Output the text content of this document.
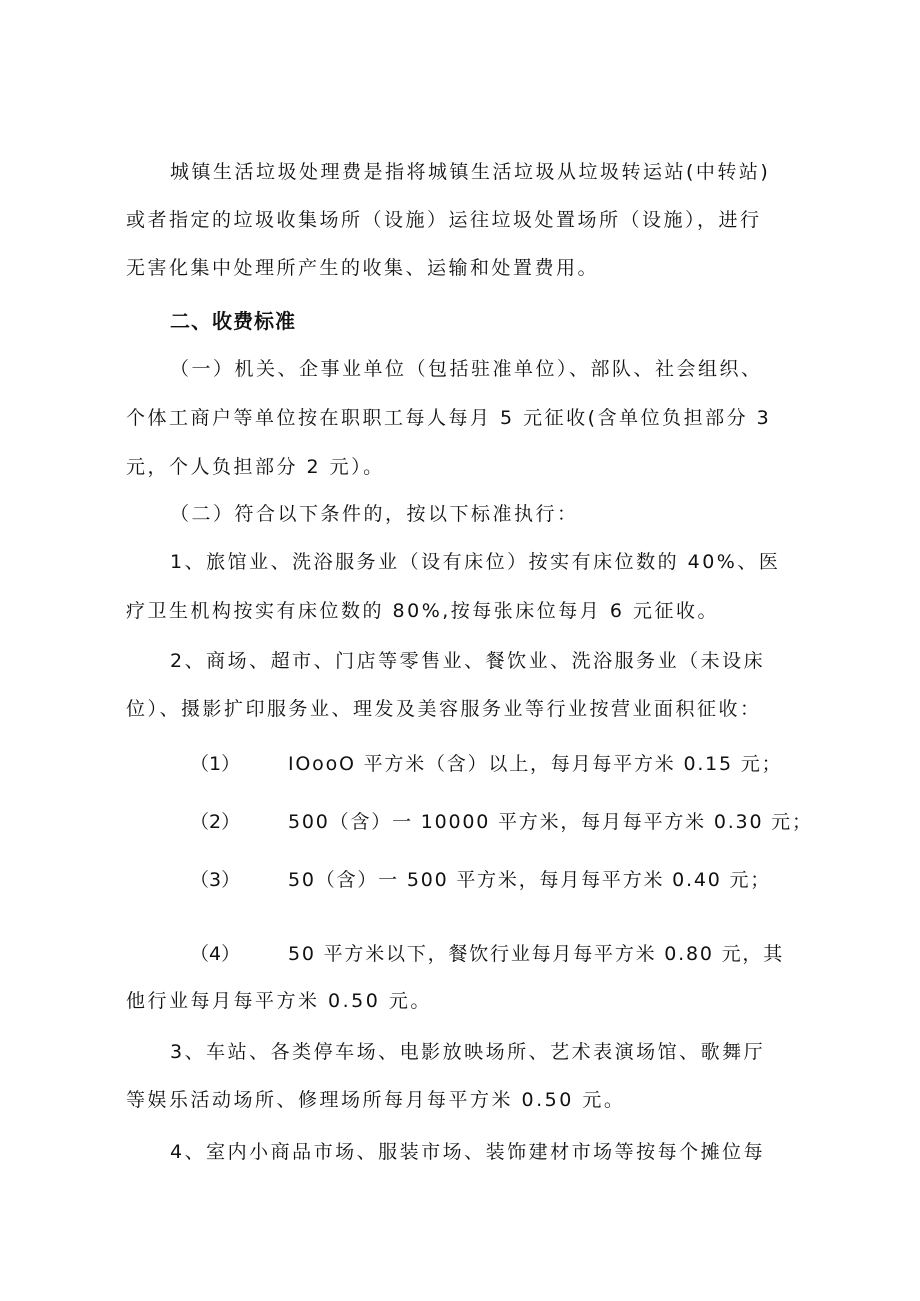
城镇生活垃圾处理费是指将城镇生活垃圾从垃圾转运站(中转站)
或者指定的垃圾收集场所（设施）运往垃圾处置场所（设施），进行
无害化集中处理所产生的收集、运输和处置费用。
二、收费标准
（一）机关、企事业单位（包括驻准单位）、部队、社会组织、
个体工商户等单位按在职职工每人每月 5 元征收(含单位负担部分 3
元，个人负担部分 2 元）。
（二）符合以下条件的，按以下标准执行：
1、旅馆业、洗浴服务业（设有床位）按实有床位数的 40%、医
疗卫生机构按实有床位数的 80%,按每张床位每月 6 元征收。
2、商场、超市、门店等零售业、餐饮业、洗浴服务业（未设床
位）、摄影扩印服务业、理发及美容服务业等行业按营业面积征收：
（1）	IOooO 平方米（含）以上，每月每平方米 0.15 元；
（2）	500（含）一 10000 平方米，每月每平方米 0.30 元；
（3）	50（含）一 500 平方米，每月每平方米 0.40 元；
（4）	50 平方米以下，餐饮行业每月每平方米 0.80 元，其
他行业每月每平方米 0.50 元。
3、车站、各类停车场、电影放映场所、艺术表演场馆、歌舞厅
等娱乐活动场所、修理场所每月每平方米 0.50 元。
4、室内小商品市场、服装市场、装饰建材市场等按每个摊位每
